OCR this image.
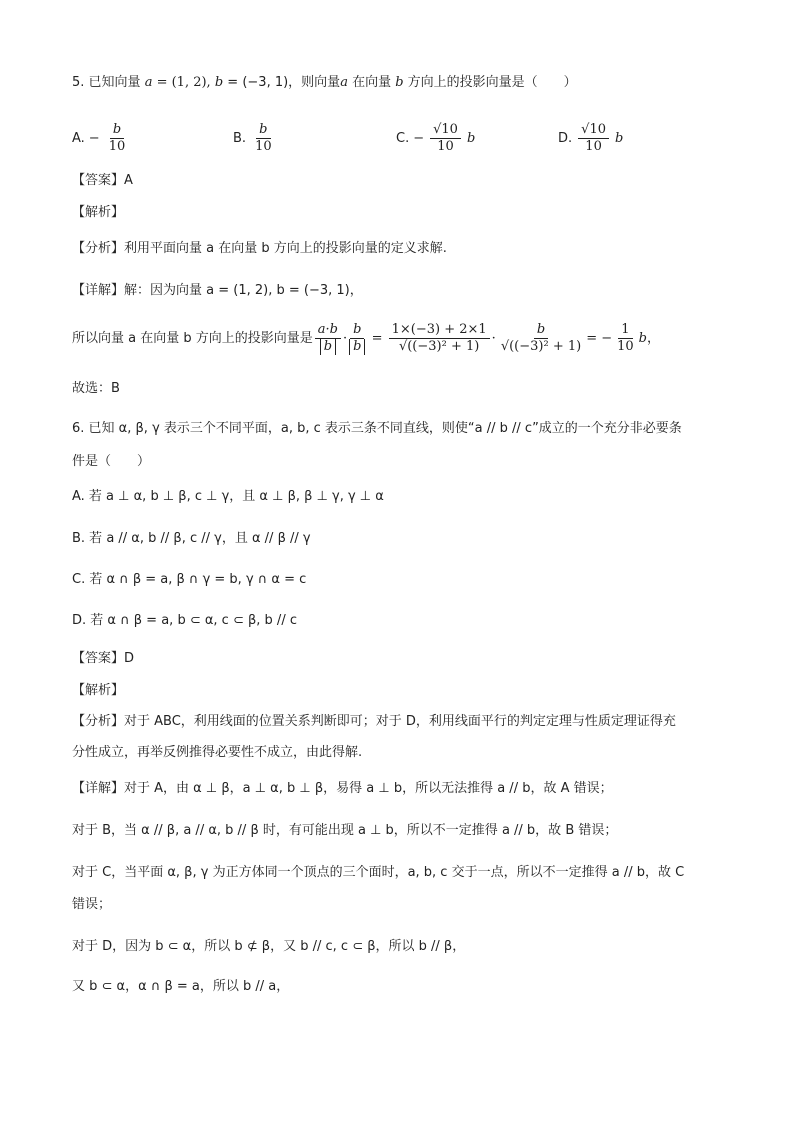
5. 已知向量 a = (1, 2), b = (−3, 1)，则向量a 在向量 b 方向上的投影向量是（　　）
A. − $\frac{b}{10}$	B. $\frac{b}{10}$	C. − $\frac{√10}{10}$ b	D. $\frac{√10}{10}$ b
【答案】A
【解析】
【分析】利用平面向量 a 在向量 b 方向上的投影向量的定义求解.
【详解】解：因为向量 a = (1, 2), b = (−3, 1)，
所以向量 a 在向量 b 方向上的投影向量是 $\frac{a\cdot b}{b} \cdot \frac{b}{b} = \frac{1\times(-3) + 2\times 1}{\text{√((−3)² + 1)}} \cdot \frac{b}{\text{√((−3)² + 1)}}$ = − $\frac{1}{10}$ b ，
故选：B
6. 已知 α, β, γ 表示三个不同平面，a, b, c 表示三条不同直线，则使“a // b // c”成立的一个充分非必要条
件是（　　）
A. 若 a ⊥ α, b ⊥ β, c ⊥ γ，且 α ⊥ β, β ⊥ γ, γ ⊥ α
B. 若 a // α, b // β, c // γ，且 α // β // γ
C. 若 α ∩ β = a, β ∩ γ = b, γ ∩ α = c
D. 若 α ∩ β = a, b ⊂ α, c ⊂ β, b // c
【答案】D
【解析】
【分析】对于 ABC，利用线面的位置关系判断即可；对于 D，利用线面平行的判定定理与性质定理证得充
分性成立，再举反例推得必要性不成立，由此得解.
【详解】对于 A，由 α ⊥ β，a ⊥ α, b ⊥ β，易得 a ⊥ b，所以无法推得 a // b，故 A 错误；
对于 B，当 α // β, a // α, b // β 时，有可能出现 a ⊥ b，所以不一定推得 a // b，故 B 错误；
对于 C，当平面 α, β, γ 为正方体同一个顶点的三个面时，a, b, c 交于一点，所以不一定推得 a // b，故 C
错误；
对于 D，因为 b ⊂ α，所以 b ⊄ β，又 b // c, c ⊂ β，所以 b // β，
又 b ⊂ α，α ∩ β = a，所以 b // a，
